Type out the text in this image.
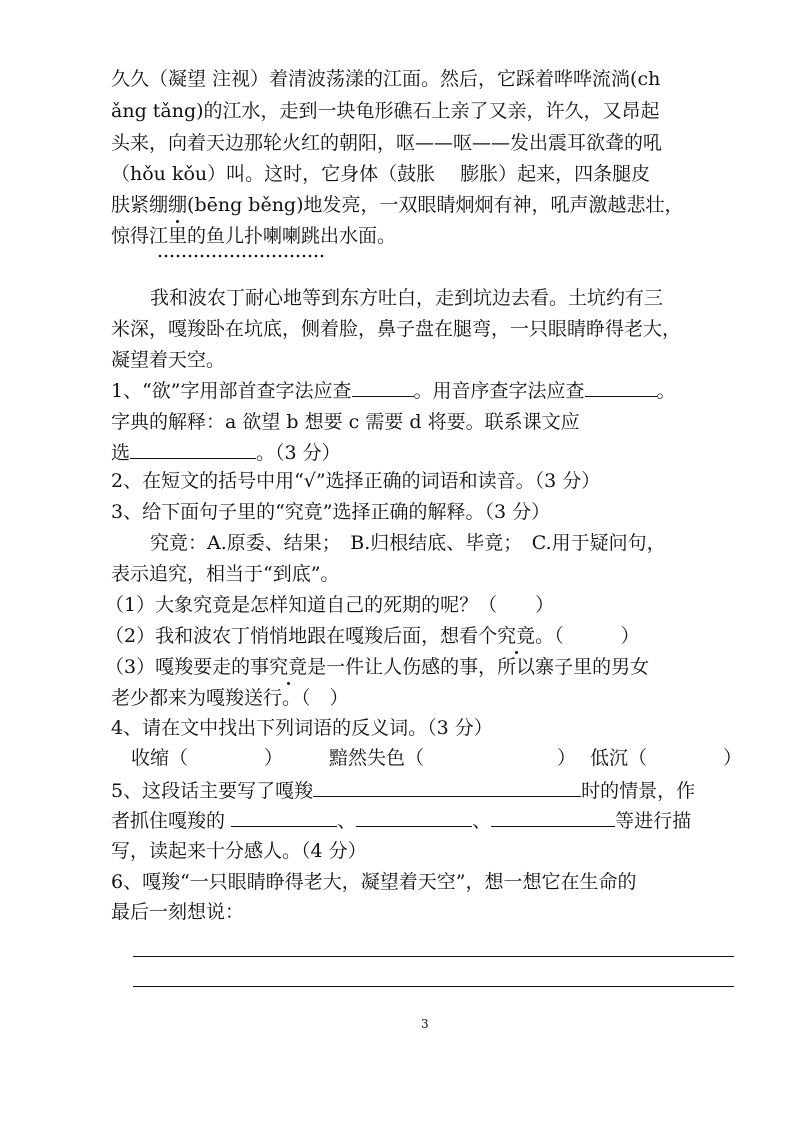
久久（凝望 注视）着清波荡漾的江面。然后，它踩着哗哗流淌(ch
ǎng tǎng)的江水，走到一块龟形礁石上亲了又亲，许久，又昂起
头来，向着天边那轮火红的朝阳，呕——呕——发出震耳欲聋的吼
（hǒu kǒu）叫。这时，它身体（鼓胀　 膨胀）起来，四条腿皮
肤紧绷绷(bēng běng)地发亮，一双眼睛炯炯有神，吼声激越悲壮，
惊得江里的鱼儿扑喇喇跳出水面。
我和波农丁耐心地等到东方吐白，走到坑边去看。土坑约有三
米深，嘎羧卧在坑底，侧着脸，鼻子盘在腿弯，一只眼睛睁得老大，
凝望着天空。
1、“欲”字用部首查字法应查	。用音序查字法应查	。
字典的解释：a 欲望 b 想要 c 需要 d 将要。联系课文应
选	。（3 分）
2、在短文的括号中用“√”选择正确的词语和读音。（3 分）
3、给下面句子里的“究竟”选择正确的解释。（3 分）
究竟：A.原委、结果；　B.归根结底、毕竟；　C.用于疑问句，
表示追究，相当于“到底”。
（1）大象究竟是怎样知道自己的死期的呢？（　　）
（2）我和波农丁悄悄地跟在嘎羧后面，想看个究竟。（　　　）
（3）嘎羧要走的事究竟是一件让人伤感的事，所以寨子里的男女
老少都来为嘎羧送行。（　）
4、请在文中找出下列词语的反义词。（3 分）
收缩（　　　　） 黯然失色（　　　　　　　） 低沉（　　　　）
5、这段话主要写了嘎羧	时的情景，作
者抓住嘎羧的	、	、	等进行描
写，读起来十分感人。（4 分）
6、嘎羧“一只眼睛睁得老大，凝望着天空”，想一想它在生命的
最后一刻想说：
3
